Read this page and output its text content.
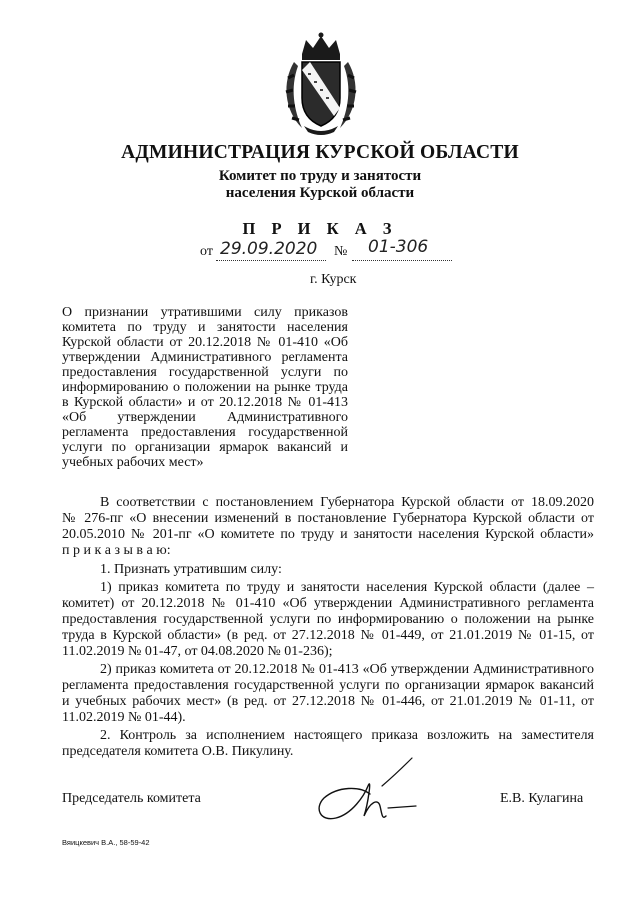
АДМИНИСТРАЦИЯ КУРСКОЙ ОБЛАСТИ
Комитет по труду и занятости
населения Курской области
П Р И К А З
от 29.09.2020 № 01-306
г. Курск
О признании утратившими силу приказов
комитета по труду и занятости населения
Курской области от 20.12.2018 № 01-410 «Об
утверждении Административного регламента
предоставления государственной услуги по
информированию о положении на рынке труда
в Курской области» и от 20.12.2018 № 01-413
«Об утверждении Административного
регламента предоставления государственной
услуги по организации ярмарок вакансий и
учебных рабочих мест»
В соответствии с постановлением Губернатора Курской области от 18.09.2020
№ 276-пг «О внесении изменений в постановление Губернатора Курской области от
20.05.2010 № 201-пг «О комитете по труду и занятости населения Курской области»
п р и к а з ы в а ю:
1. Признать утратившим силу:
1) приказ комитета по труду и занятости населения Курской области (далее –
комитет) от 20.12.2018 № 01-410 «Об утверждении Административного регламента
предоставления государственной услуги по информированию о положении на рынке
труда в Курской области» (в ред. от 27.12.2018 № 01-449, от 21.01.2019 № 01-15, от
11.02.2019 № 01-47, от 04.08.2020 № 01-236);
2) приказ комитета от 20.12.2018 № 01-413 «Об утверждении Административного
регламента предоставления государственной услуги по организации ярмарок вакансий
и учебных рабочих мест» (в ред. от 27.12.2018 № 01-446, от 21.01.2019 № 01-11, от
11.02.2019 № 01-44).
2. Контроль за исполнением настоящего приказа возложить на заместителя
председателя комитета О.В. Пикулину.
Председатель комитета	Е.В. Кулагина
Вяицкевич В.А., 58-59-42
